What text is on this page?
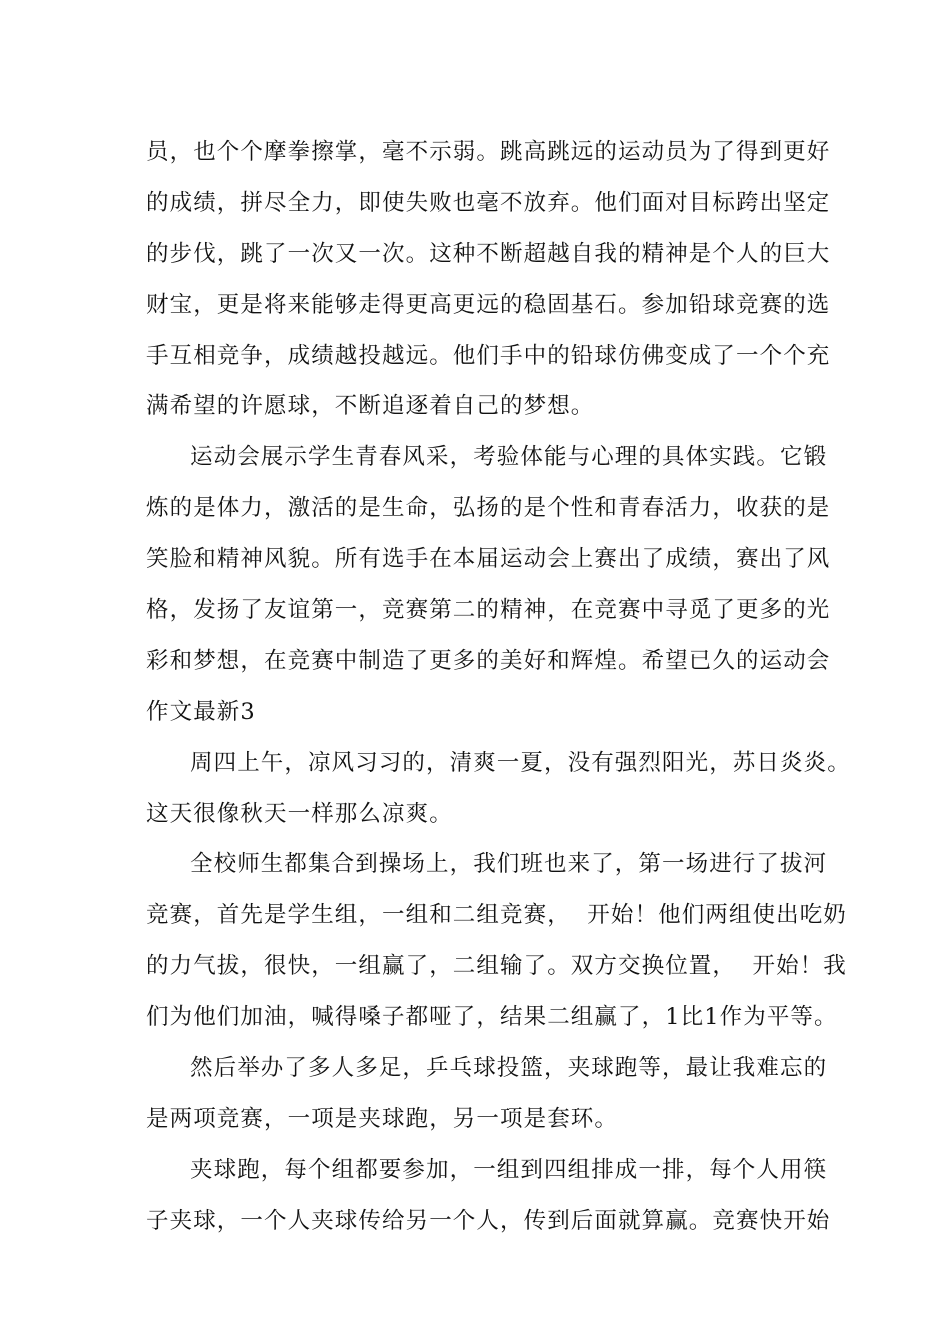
员，也个个摩拳擦掌，毫不示弱。跳高跳远的运动员为了得到更好
的成绩，拼尽全力，即使失败也毫不放弃。他们面对目标跨出坚定
的步伐，跳了一次又一次。这种不断超越自我的精神是个人的巨大
财宝，更是将来能够走得更高更远的稳固基石。参加铅球竞赛的选
手互相竞争，成绩越投越远。他们手中的铅球仿佛变成了一个个充
满希望的许愿球，不断追逐着自己的梦想。
运动会展示学生青春风采，考验体能与心理的具体实践。它锻
炼的是体力，激活的是生命，弘扬的是个性和青春活力，收获的是
笑脸和精神风貌。所有选手在本届运动会上赛出了成绩，赛出了风
格，发扬了友谊第一，竞赛第二的精神，在竞赛中寻觅了更多的光
彩和梦想，在竞赛中制造了更多的美好和辉煌。希望已久的运动会
作文最新3
周四上午，凉风习习的，清爽一夏，没有强烈阳光，苏日炎炎。
这天很像秋天一样那么凉爽。
全校师生都集合到操场上，我们班也来了，第一场进行了拔河
竞赛，首先是学生组，一组和二组竞赛，  开始！他们两组使出吃奶
的力气拔，很快，一组赢了，二组输了。双方交换位置，  开始！我
们为他们加油，喊得嗓子都哑了，结果二组赢了，1比1作为平等。
然后举办了多人多足，乒乓球投篮，夹球跑等，最让我难忘的
是两项竞赛，一项是夹球跑，另一项是套环。
夹球跑，每个组都要参加，一组到四组排成一排，每个人用筷
子夹球，一个人夹球传给另一个人，传到后面就算赢。竞赛快开始
